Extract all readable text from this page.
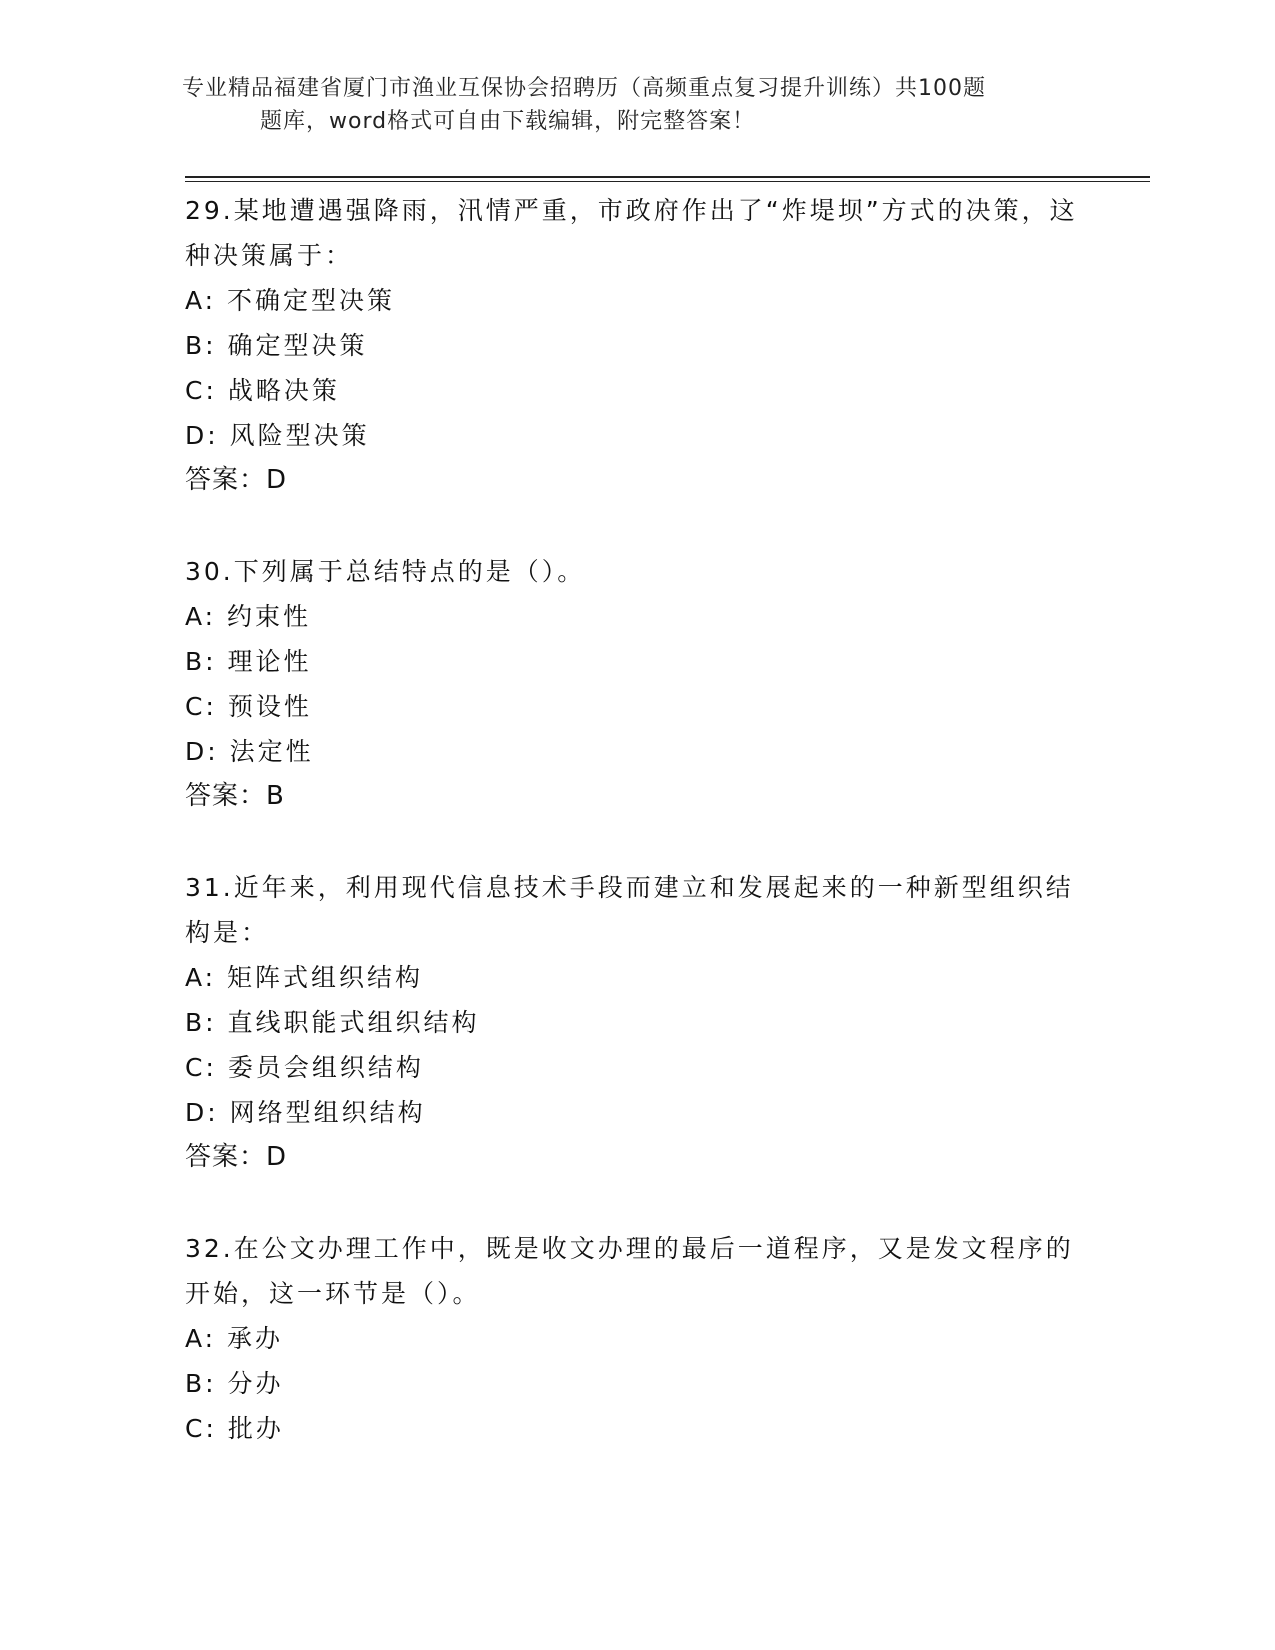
专业精品福建省厦门市渔业互保协会招聘历（高频重点复习提升训练）共100题
题库，word格式可自由下载编辑，附完整答案！

29.某地遭遇强降雨，汛情严重，市政府作出了“炸堤坝”方式的决策，这种决策属于：

A: 不确定型决策
B: 确定型决策
C: 战略决策
D: 风险型决策
答案：D

30.下列属于总结特点的是（）。

A: 约束性
B: 理论性
C: 预设性
D: 法定性
答案：B

31.近年来，利用现代信息技术手段而建立和发展起来的一种新型组织结构是：

A: 矩阵式组织结构
B: 直线职能式组织结构
C: 委员会组织结构
D: 网络型组织结构
答案：D

32.在公文办理工作中，既是收文办理的最后一道程序，又是发文程序的开始，这一环节是（）。

A: 承办
B: 分办
C: 批办
